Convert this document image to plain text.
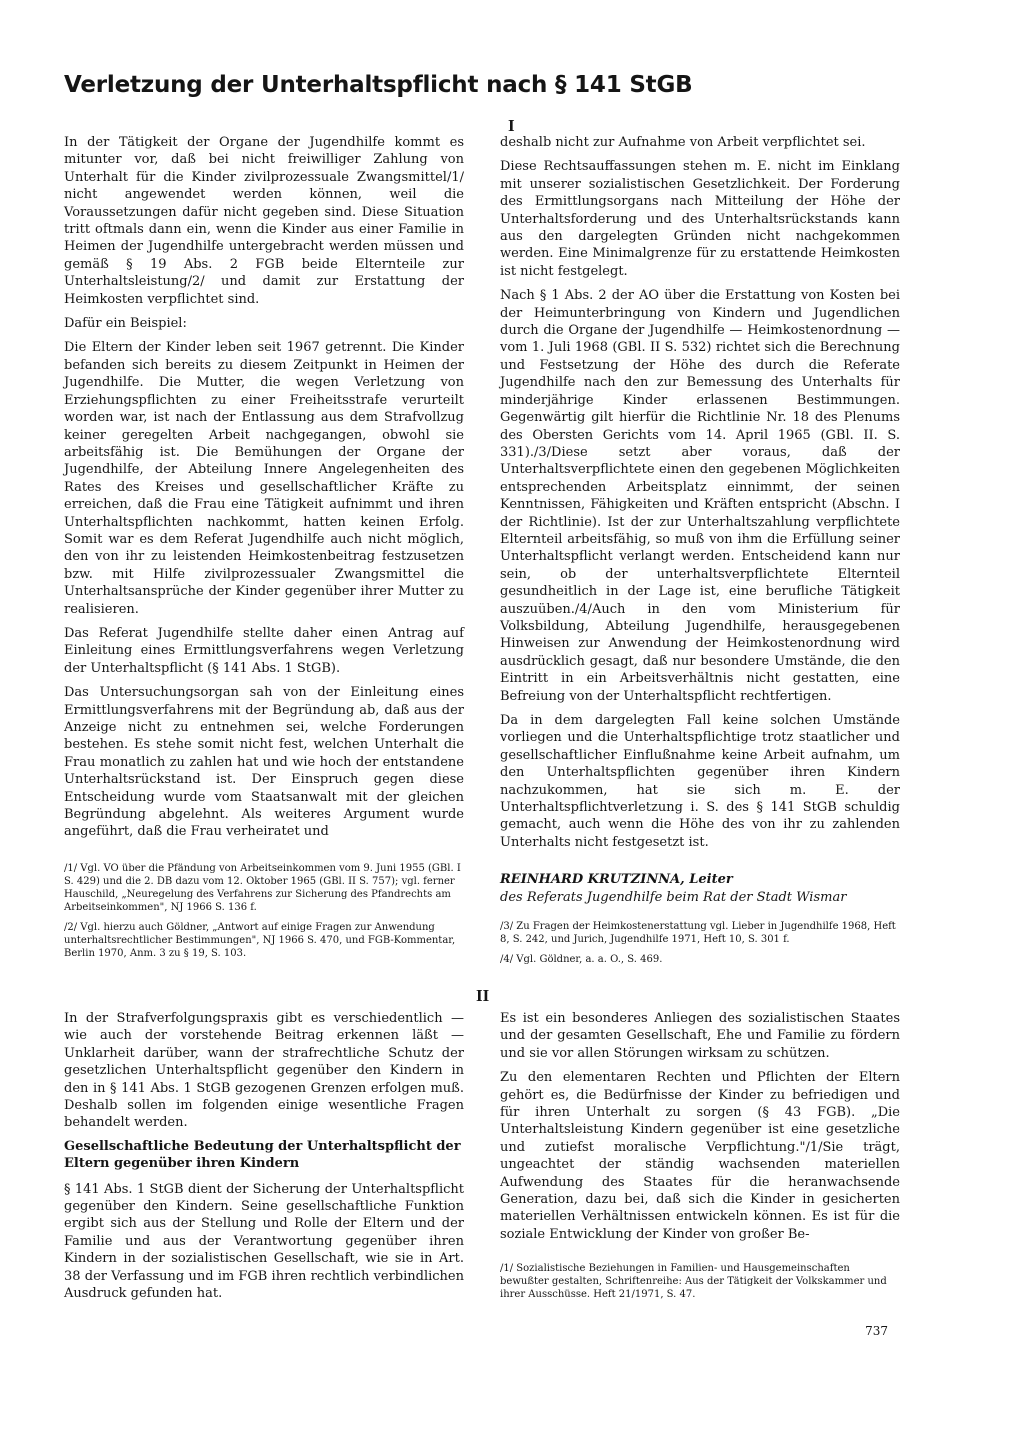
Verletzung der Unterhaltspflicht nach § 141 StGB
I

In der Tätigkeit der Organe der Jugendhilfe kommt es mitunter vor, daß bei nicht freiwilliger Zahlung von Unterhalt für die Kinder zivilprozessuale Zwangsmittel/1/ nicht angewendet werden können, weil die Voraussetzungen dafür nicht gegeben sind. Diese Situation tritt oftmals dann ein, wenn die Kinder aus einer Familie in Heimen der Jugendhilfe untergebracht werden müssen und gemäß § 19 Abs. 2 FGB beide Elternteile zur Unterhaltsleistung/2/ und damit zur Erstattung der Heimkosten verpflichtet sind.

Dafür ein Beispiel:

Die Eltern der Kinder leben seit 1967 getrennt. Die Kinder befanden sich bereits zu diesem Zeitpunkt in Heimen der Jugendhilfe. Die Mutter, die wegen Verletzung von Erziehungspflichten zu einer Freiheitsstrafe verurteilt worden war, ist nach der Entlassung aus dem Strafvollzug keiner geregelten Arbeit nachgegangen, obwohl sie arbeitsfähig ist. Die Bemühungen der Organe der Jugendhilfe, der Abteilung Innere Angelegenheiten des Rates des Kreises und gesellschaftlicher Kräfte zu erreichen, daß die Frau eine Tätigkeit aufnimmt und ihren Unterhaltspflichten nachkommt, hatten keinen Erfolg. Somit war es dem Referat Jugendhilfe auch nicht möglich, den von ihr zu leistenden Heimkostenbeitrag festzusetzen bzw. mit Hilfe zivilprozessualer Zwangsmittel die Unterhaltsansprüche der Kinder gegenüber ihrer Mutter zu realisieren.

Das Referat Jugendhilfe stellte daher einen Antrag auf Einleitung eines Ermittlungsverfahrens wegen Verletzung der Unterhaltspflicht (§ 141 Abs. 1 StGB).

Das Untersuchungsorgan sah von der Einleitung eines Ermittlungsverfahrens mit der Begründung ab, daß aus der Anzeige nicht zu entnehmen sei, welche Forderungen bestehen. Es stehe somit nicht fest, welchen Unterhalt die Frau monatlich zu zahlen hat und wie hoch der entstandene Unterhaltsrückstand ist. Der Einspruch gegen diese Entscheidung wurde vom Staatsanwalt mit der gleichen Begründung abgelehnt. Als weiteres Argument wurde angeführt, daß die Frau verheiratet und

/1/ Vgl. VO über die Pfändung von Arbeitseinkommen vom 9. Juni 1955 (GBl. I S. 429) und die 2. DB dazu vom 12. Oktober 1965 (GBl. II S. 757); vgl. ferner Hauschild, „Neuregelung des Verfahrens zur Sicherung des Pfandrechts am Arbeitseinkommen", NJ 1966 S. 136 f.

/2/ Vgl. hierzu auch Göldner, „Antwort auf einige Fragen zur Anwendung unterhaltsrechtlicher Bestimmungen", NJ 1966 S. 470, und FGB-Kommentar, Berlin 1970, Anm. 3 zu § 19, S. 103.

deshalb nicht zur Aufnahme von Arbeit verpflichtet sei.

Diese Rechtsauffassungen stehen m. E. nicht im Einklang mit unserer sozialistischen Gesetzlichkeit. Der Forderung des Ermittlungsorgans nach Mitteilung der Höhe der Unterhaltsforderung und des Unterhaltsrückstands kann aus den dargelegten Gründen nicht nachgekommen werden. Eine Minimalgrenze für zu erstattende Heimkosten ist nicht festgelegt.

Nach § 1 Abs. 2 der AO über die Erstattung von Kosten bei der Heimunterbringung von Kindern und Jugendlichen durch die Organe der Jugendhilfe — Heimkostenordnung — vom 1. Juli 1968 (GBl. II S. 532) richtet sich die Berechnung und Festsetzung der Höhe des durch die Referate Jugendhilfe nach den zur Bemessung des Unterhalts für minderjährige Kinder erlassenen Bestimmungen. Gegenwärtig gilt hierfür die Richtlinie Nr. 18 des Plenums des Obersten Gerichts vom 14. April 1965 (GBl. II. S. 331)./3/Diese setzt aber voraus, daß der Unterhaltsverpflichtete einen den gegebenen Möglichkeiten entsprechenden Arbeitsplatz einnimmt, der seinen Kenntnissen, Fähigkeiten und Kräften entspricht (Abschn. I der Richtlinie). Ist der zur Unterhaltszahlung verpflichtete Elternteil arbeitsfähig, so muß von ihm die Erfüllung seiner Unterhaltspflicht verlangt werden. Entscheidend kann nur sein, ob der unterhaltsverpflichtete Elternteil gesundheitlich in der Lage ist, eine berufliche Tätigkeit auszuüben./4/Auch in den vom Ministerium für Volksbildung, Abteilung Jugendhilfe, herausgegebenen Hinweisen zur Anwendung der Heimkostenordnung wird ausdrücklich gesagt, daß nur besondere Umstände, die den Eintritt in ein Arbeitsverhältnis nicht gestatten, eine Befreiung von der Unterhaltspflicht rechtfertigen.

Da in dem dargelegten Fall keine solchen Umstände vorliegen und die Unterhaltspflichtige trotz staatlicher und gesellschaftlicher Einflußnahme keine Arbeit aufnahm, um den Unterhaltspflichten gegenüber ihren Kindern nachzukommen, hat sie sich m. E. der Unterhaltspflichtverletzung i. S. des § 141 StGB schuldig gemacht, auch wenn die Höhe des von ihr zu zahlenden Unterhalts nicht festgesetzt ist.

REINHARD KRUTZINNA, Leiter

des Referats Jugendhilfe beim Rat der Stadt Wismar

/3/ Zu Fragen der Heimkostenerstattung vgl. Lieber in Jugendhilfe 1968, Heft 8, S. 242, und Jurich, Jugendhilfe 1971, Heft 10, S. 301 f.

/4/ Vgl. Göldner, a. a. O., S. 469.

II

In der Strafverfolgungspraxis gibt es verschiedentlich — wie auch der vorstehende Beitrag erkennen läßt — Unklarheit darüber, wann der strafrechtliche Schutz der gesetzlichen Unterhaltspflicht gegenüber den Kindern in den in § 141 Abs. 1 StGB gezogenen Grenzen erfolgen muß. Deshalb sollen im folgenden einige wesentliche Fragen behandelt werden.

Gesellschaftliche Bedeutung der Unterhaltspflicht der Eltern gegenüber ihren Kindern

§ 141 Abs. 1 StGB dient der Sicherung der Unterhaltspflicht gegenüber den Kindern. Seine gesellschaftliche Funktion ergibt sich aus der Stellung und Rolle der Eltern und der Familie und aus der Verantwortung gegenüber ihren Kindern in der sozialistischen Gesellschaft, wie sie in Art. 38 der Verfassung und im FGB ihren rechtlich verbindlichen Ausdruck gefunden hat.

Es ist ein besonderes Anliegen des sozialistischen Staates und der gesamten Gesellschaft, Ehe und Familie zu fördern und sie vor allen Störungen wirksam zu schützen.

Zu den elementaren Rechten und Pflichten der Eltern gehört es, die Bedürfnisse der Kinder zu befriedigen und für ihren Unterhalt zu sorgen (§ 43 FGB). „Die Unterhaltsleistung Kindern gegenüber ist eine gesetzliche und zutiefst moralische Verpflichtung."/1/Sie trägt, ungeachtet der ständig wachsenden materiellen Aufwendung des Staates für die heranwachsende Generation, dazu bei, daß sich die Kinder in gesicherten materiellen Verhältnissen entwickeln können. Es ist für die soziale Entwicklung der Kinder von großer Be-

/1/ Sozialistische Beziehungen in Familien- und Hausgemeinschaften bewußter gestalten, Schriftenreihe: Aus der Tätigkeit der Volkskammer und ihrer Ausschüsse. Heft 21/1971, S. 47.

737
